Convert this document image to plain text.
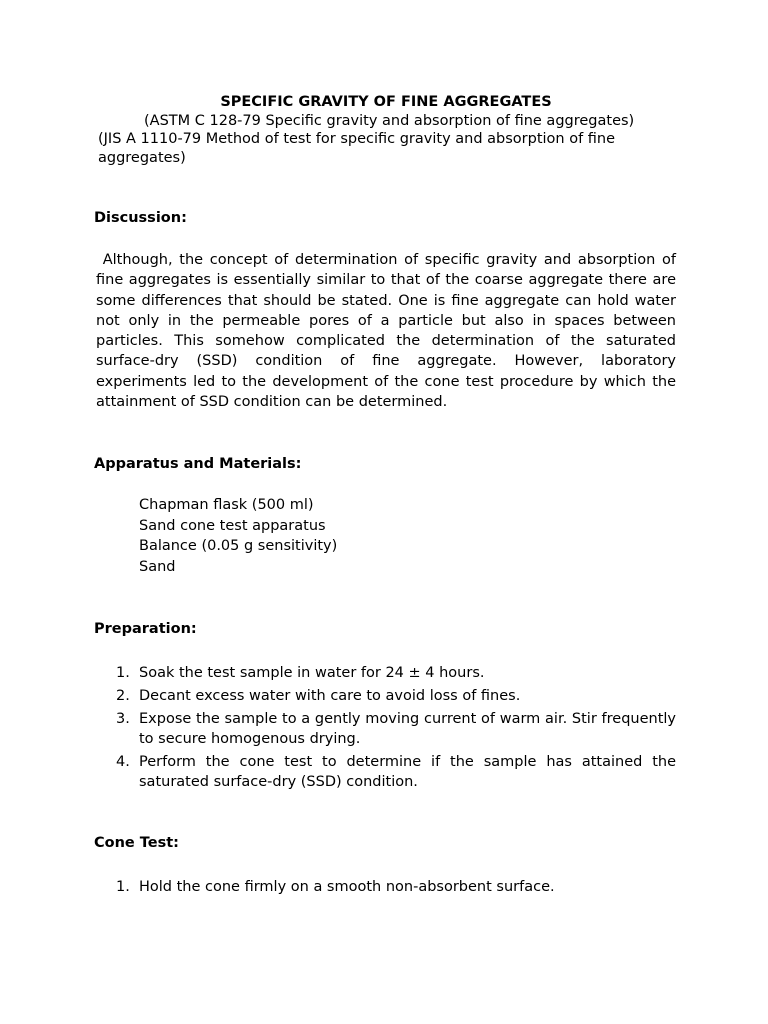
SPECIFIC GRAVITY OF FINE AGGREGATES
(ASTM C 128-79 Specific gravity and absorption of fine aggregates)
(JIS A 1110-79 Method of test for specific gravity and absorption of fine aggregates)
Discussion:
Although, the concept of determination of specific gravity and absorption of fine aggregates is essentially similar to that of the coarse aggregate there are some differences that should be stated. One is fine aggregate can hold water not only in the permeable pores of a particle but also in spaces between particles. This somehow complicated the determination of the saturated surface-dry (SSD) condition of fine aggregate. However, laboratory experiments led to the development of the cone test procedure by which the attainment of SSD condition can be determined.
Apparatus and Materials:
Chapman flask (500 ml)
Sand cone test apparatus
Balance (0.05 g sensitivity)
Sand
Preparation:
1. Soak the test sample in water for 24 ± 4 hours.
2. Decant excess water with care to avoid loss of fines.
3. Expose the sample to a gently moving current of warm air. Stir frequently to secure homogenous drying.
4. Perform the cone test to determine if the sample has attained the saturated surface-dry (SSD) condition.
Cone Test:
1. Hold the cone firmly on a smooth non-absorbent surface.
